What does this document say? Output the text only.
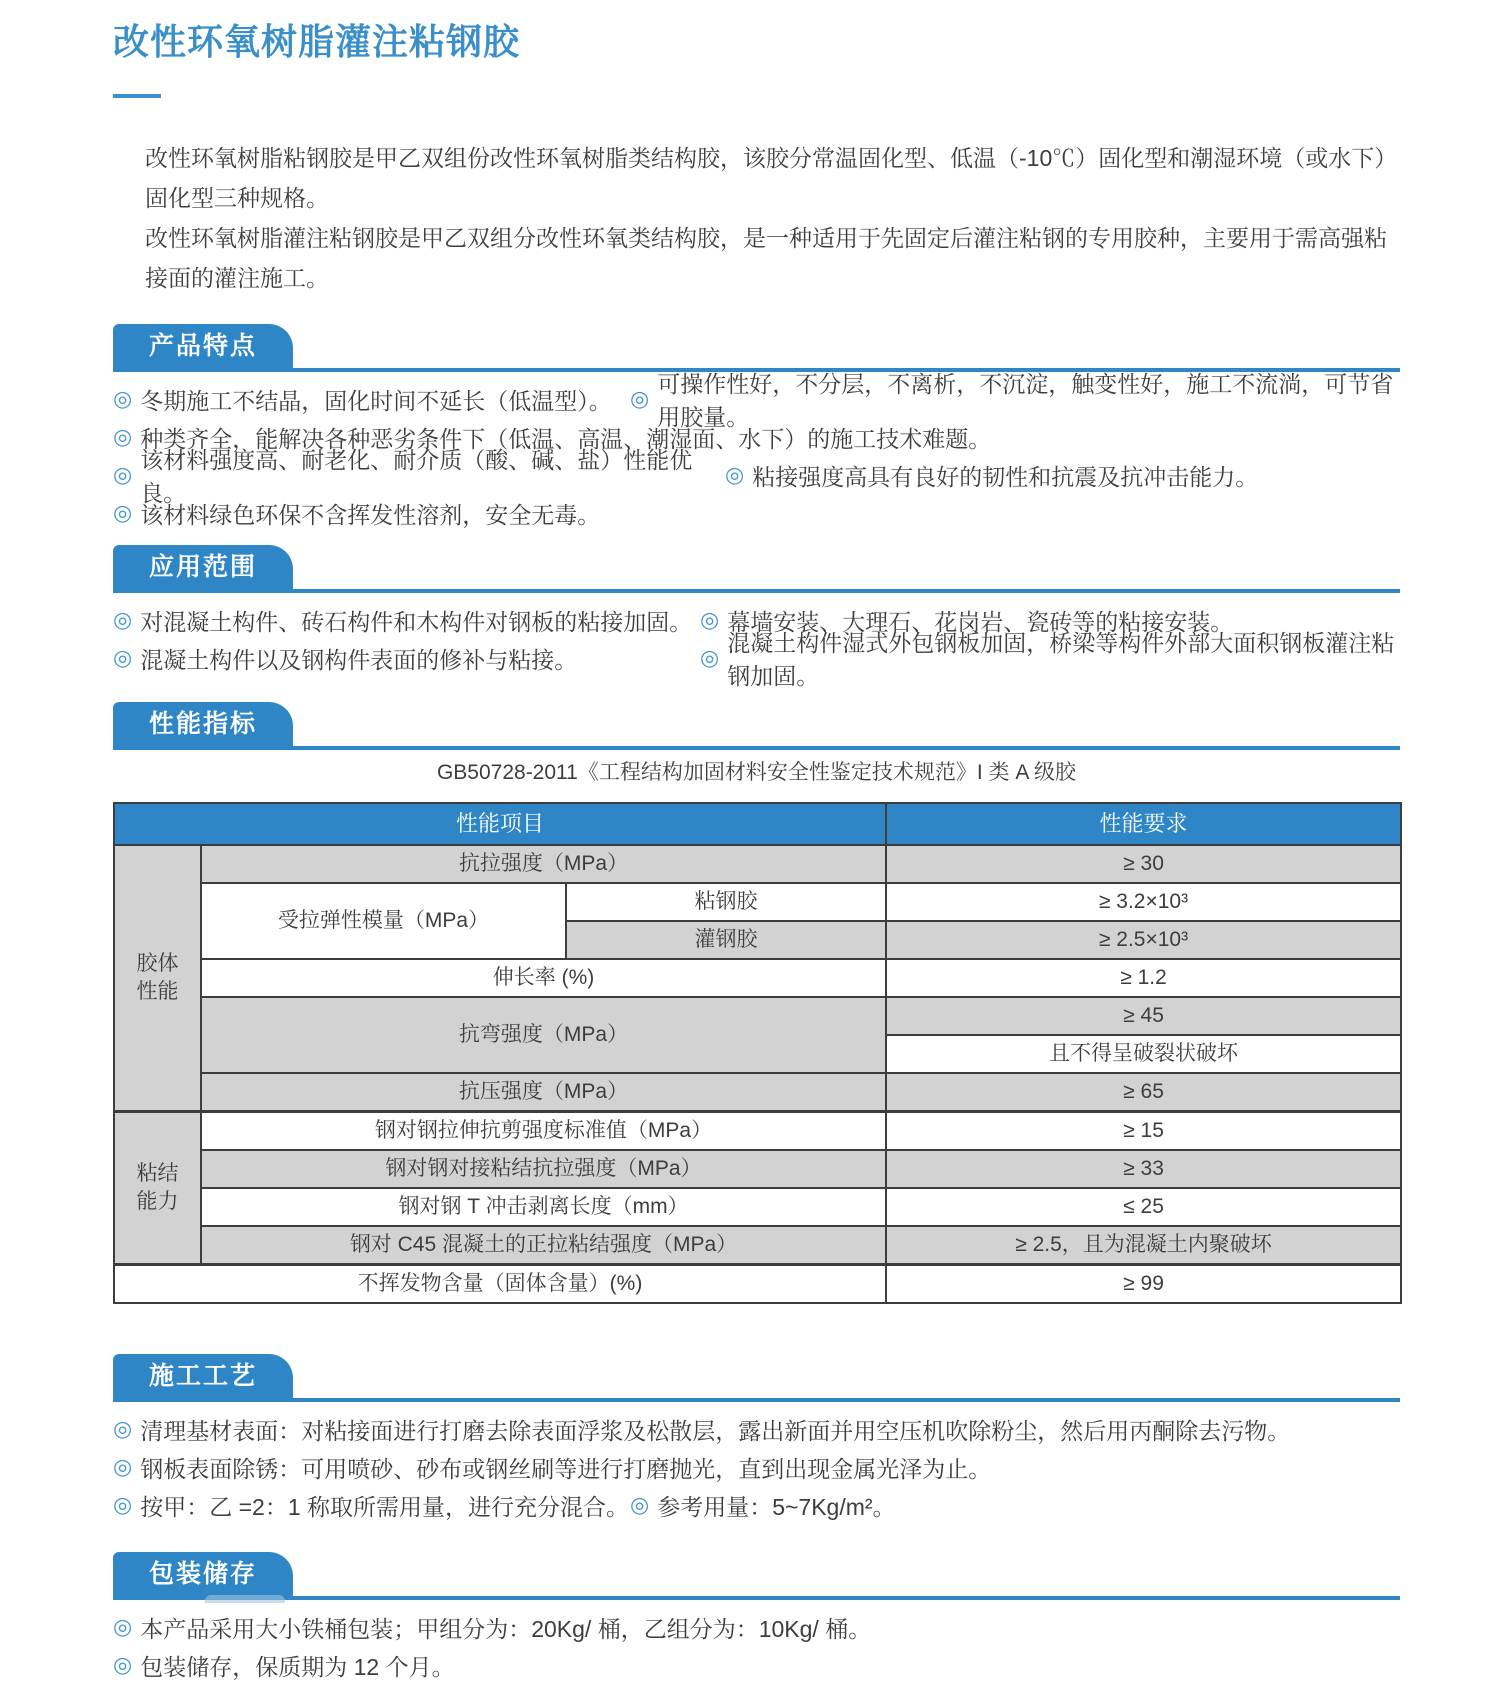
改性环氧树脂灌注粘钢胶

改性环氧树脂粘钢胶是甲乙双组份改性环氧树脂类结构胶，该胶分常温固化型、低温（-10℃）固化型和潮湿环境（或水下）固化型三种规格。

改性环氧树脂灌注粘钢胶是甲乙双组分改性环氧类结构胶，是一种适用于先固定后灌注粘钢的专用胶种，主要用于需高强粘接面的灌注施工。

产品特点
◎ 冬期施工不结晶，固化时间不延长（低温型）。 ◎
可操作性好，不分层，不离析，不沉淀，触变性好，施工不流淌，可节省用胶量。
◎ 种类齐全，能解决各种恶劣条件下（低温、高温、潮湿面、水下）的施工技术难题。
◎
该材料强度高、耐老化、耐介质（酸、碱、盐）性能优良。
◎ 粘接强度高具有良好的韧性和抗震及抗冲击能力。
◎ 该材料绿色环保不含挥发性溶剂，安全无毒。
应用范围
◎ 对混凝土构件、砖石构件和木构件对钢板的粘接加固。 ◎ 幕墙安装、大理石、花岗岩、瓷砖等的粘接安装。
◎ 混凝土构件以及钢构件表面的修补与粘接。	◎
混凝土构件湿式外包钢板加固，桥梁等构件外部大面积钢板灌注粘钢加固。
性能指标
GB50728-2011《工程结构加固材料安全性鉴定技术规范》I 类 A 级胶
性能项目			性能要求

胶体性能	抗拉强度（MPa）		≥ 30
	受拉弹性模量（MPa）	粘钢胶	≥ 3.2×10³
		灌钢胶	≥ 2.5×10³
	伸长率 (%)		≥ 1.2
	抗弯强度（MPa）		≥ 45
			且不得呈破裂状破坏
	抗压强度（MPa）		≥ 65

粘结能力	钢对钢拉伸抗剪强度标准值（MPa）		≥ 15
	钢对钢对接粘结抗拉强度（MPa）		≥ 33
	钢对钢 T 冲击剥离长度（mm）		≤ 25
	钢对 C45 混凝土的正拉粘结强度（MPa）		≥ 2.5，且为混凝土内聚破坏
不挥发物含量（固体含量）(%)			≥ 99
施工工艺
◎ 清理基材表面：对粘接面进行打磨去除表面浮浆及松散层，露出新面并用空压机吹除粉尘，然后用丙酮除去污物。
◎ 钢板表面除锈：可用喷砂、砂布或钢丝刷等进行打磨抛光，直到出现金属光泽为止。
◎ 按甲：乙 =2：1 称取所需用量，进行充分混合。 ◎ 参考用量：5~7Kg/m²。
包装储存
◎ 本产品采用大小铁桶包装；甲组分为：20Kg/ 桶，乙组分为：10Kg/ 桶。
◎ 包装储存，保质期为 12 个月。
